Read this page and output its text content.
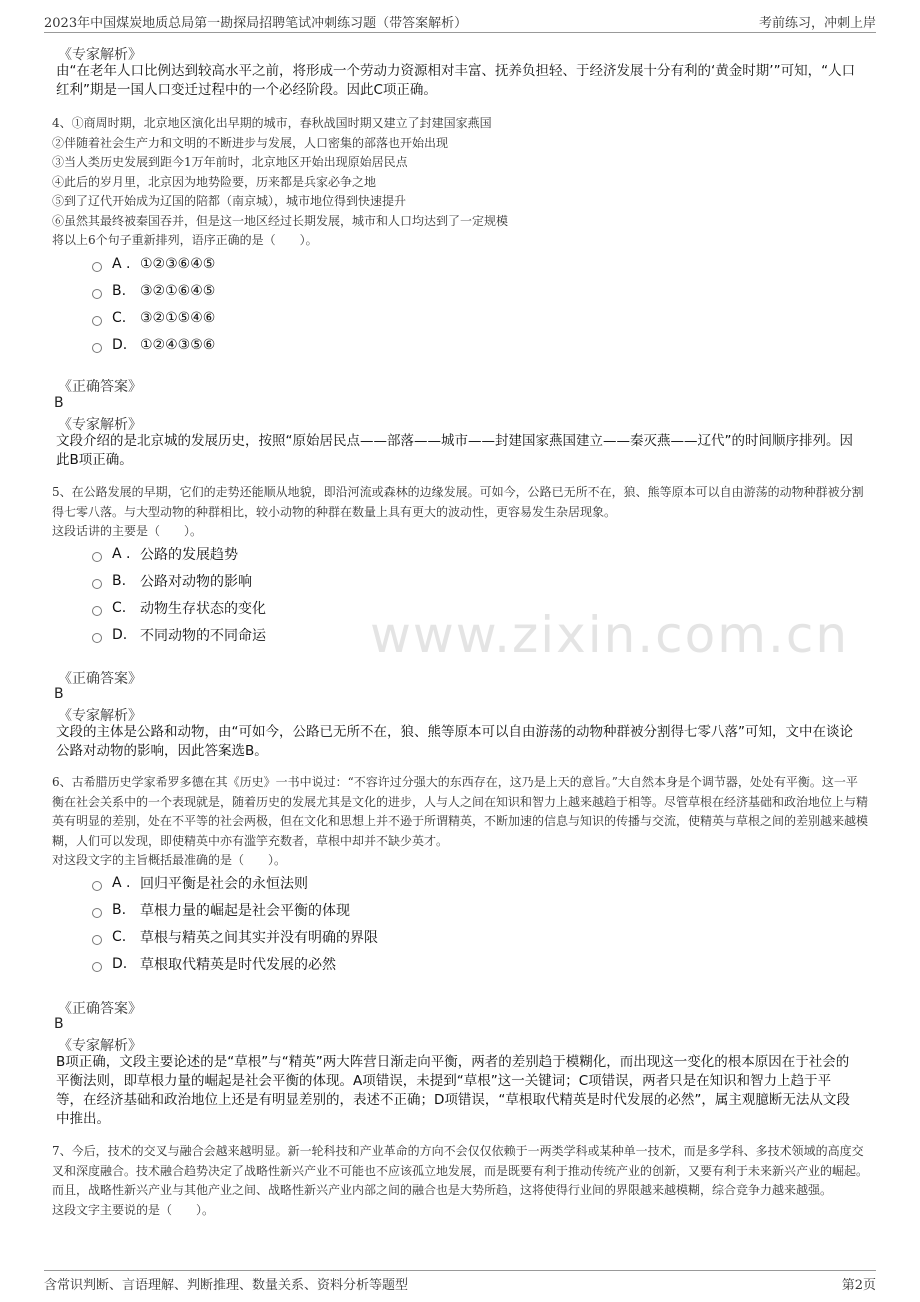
2023年中国煤炭地质总局第一勘探局招聘笔试冲刺练习题（带答案解析）	考前练习，冲刺上岸
www.zixin.com.cn
《专家解析》
由“在老年人口比例达到较高水平之前，将形成一个劳动力资源相对丰富、抚养负担轻、于经济发展十分有利的‘黄金时期’”可知，“人口红利”期是一国人口变迁过程中的一个必经阶段。因此C项正确。

4、①商周时期，北京地区演化出早期的城市，春秋战国时期又建立了封建国家燕国

②伴随着社会生产力和文明的不断进步与发展，人口密集的部落也开始出现

③当人类历史发展到距今1万年前时，北京地区开始出现原始居民点

④此后的岁月里，北京因为地势险要，历来都是兵家必争之地

⑤到了辽代开始成为辽国的陪都（南京城），城市地位得到快速提升

⑥虽然其最终被秦国吞并，但是这一地区经过长期发展，城市和人口均达到了一定规模

将以上6个句子重新排列，语序正确的是（　　）。

A . ①②③⑥④⑤
B. ③②①⑥④⑤
C. ③②①⑤④⑥
D. ①②④③⑤⑥
《正确答案》
B
《专家解析》
文段介绍的是北京城的发展历史，按照“原始居民点——部落——城市——封建国家燕国建立——秦灭燕——辽代”的时间顺序排列。因此B项正确。

5、在公路发展的早期，它们的走势还能顺从地貌，即沿河流或森林的边缘发展。可如今，公路已无所不在，狼、熊等原本可以自由游荡的动物种群被分割得七零八落。与大型动物的种群相比，较小动物的种群在数量上具有更大的波动性，更容易发生杂居现象。

这段话讲的主要是（　　）。

A . 公路的发展趋势
B. 公路对动物的影响
C. 动物生存状态的变化
D. 不同动物的不同命运
《正确答案》
B
《专家解析》
文段的主体是公路和动物，由“可如今，公路已无所不在，狼、熊等原本可以自由游荡的动物种群被分割得七零八落”可知，文中在谈论公路对动物的影响，因此答案选B。

6、古希腊历史学家希罗多德在其《历史》一书中说过：“不容许过分强大的东西存在，这乃是上天的意旨。”大自然本身是个调节器，处处有平衡。这一平衡在社会关系中的一个表现就是，随着历史的发展尤其是文化的进步，人与人之间在知识和智力上越来越趋于相等。尽管草根在经济基础和政治地位上与精英有明显的差别，处在不平等的社会两极，但在文化和思想上并不逊于所谓精英，不断加速的信息与知识的传播与交流，使精英与草根之间的差别越来越模糊，人们可以发现，即使精英中亦有滥竽充数者，草根中却并不缺少英才。

对这段文字的主旨概括最准确的是（　　）。

A . 回归平衡是社会的永恒法则
B. 草根力量的崛起是社会平衡的体现
C. 草根与精英之间其实并没有明确的界限
D. 草根取代精英是时代发展的必然
《正确答案》
B
《专家解析》
B项正确，文段主要论述的是“草根”与“精英”两大阵营日渐走向平衡，两者的差别趋于模糊化，而出现这一变化的根本原因在于社会的平衡法则，即草根力量的崛起是社会平衡的体现。A项错误，未提到“草根”这一关键词；C项错误，两者只是在知识和智力上趋于平等，在经济基础和政治地位上还是有明显差别的，表述不正确；D项错误，“草根取代精英是时代发展的必然”，属主观臆断无法从文段中推出。

7、今后，技术的交叉与融合会越来越明显。新一轮科技和产业革命的方向不会仅仅依赖于一两类学科或某种单一技术，而是多学科、多技术领域的高度交叉和深度融合。技术融合趋势决定了战略性新兴产业不可能也不应该孤立地发展，而是既要有利于推动传统产业的创新，又要有利于未来新兴产业的崛起。而且，战略性新兴产业与其他产业之间、战略性新兴产业内部之间的融合也是大势所趋，这将使得行业间的界限越来越模糊，综合竞争力越来越强。

这段文字主要说的是（　　）。

含常识判断、言语理解、判断推理、数量关系、资料分析等题型	第2页
